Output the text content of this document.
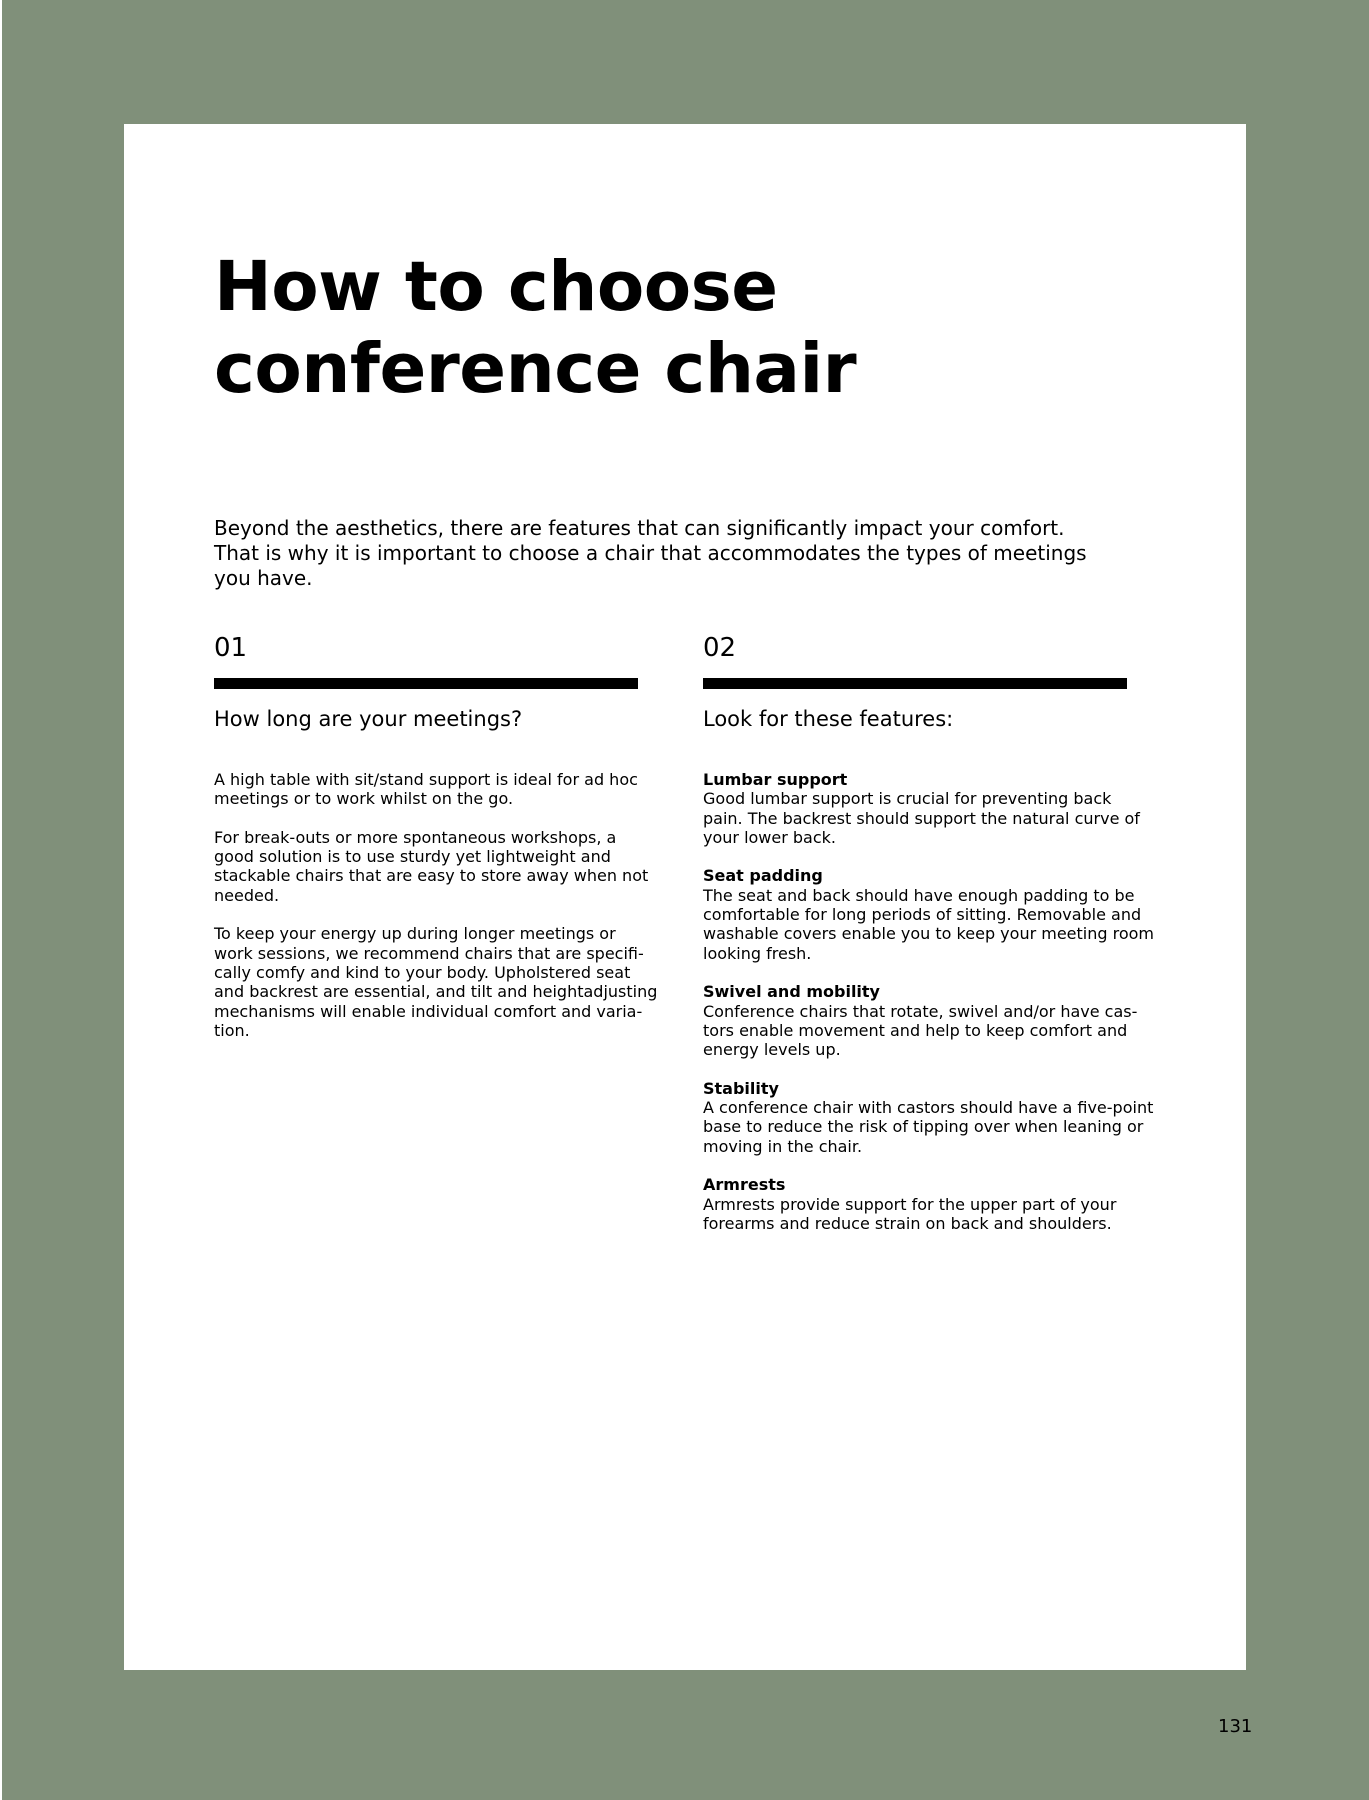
How to choose
conference chair

Beyond the aesthetics, there are features that can significantly impact your comfort.
That is why it is important to choose a chair that accommodates the types of meetings
you have.

01
How long are your meetings?

A high table with sit/stand support is ideal for ad hoc
meetings or to work whilst on the go.

For break-outs or more spontaneous workshops, a
good solution is to use sturdy yet lightweight and
stackable chairs that are easy to store away when not
needed.

To keep your energy up during longer meetings or
work sessions, we recommend chairs that are specifi-
cally comfy and kind to your body. Upholstered seat
and backrest are essential, and tilt and heightadjusting
mechanisms will enable individual comfort and varia-
tion.

02
Look for these features:
Lumbar support
Good lumbar support is crucial for preventing back
pain. The backrest should support the natural curve of
your lower back.
Seat padding
The seat and back should have enough padding to be
comfortable for long periods of sitting. Removable and
washable covers enable you to keep your meeting room
looking fresh.
Swivel and mobility
Conference chairs that rotate, swivel and/or have cas-
tors enable movement and help to keep comfort and
energy levels up.
Stability
A conference chair with castors should have a five-point
base to reduce the risk of tipping over when leaning or
moving in the chair.
Armrests
Armrests provide support for the upper part of your
forearms and reduce strain on back and shoulders.
131
